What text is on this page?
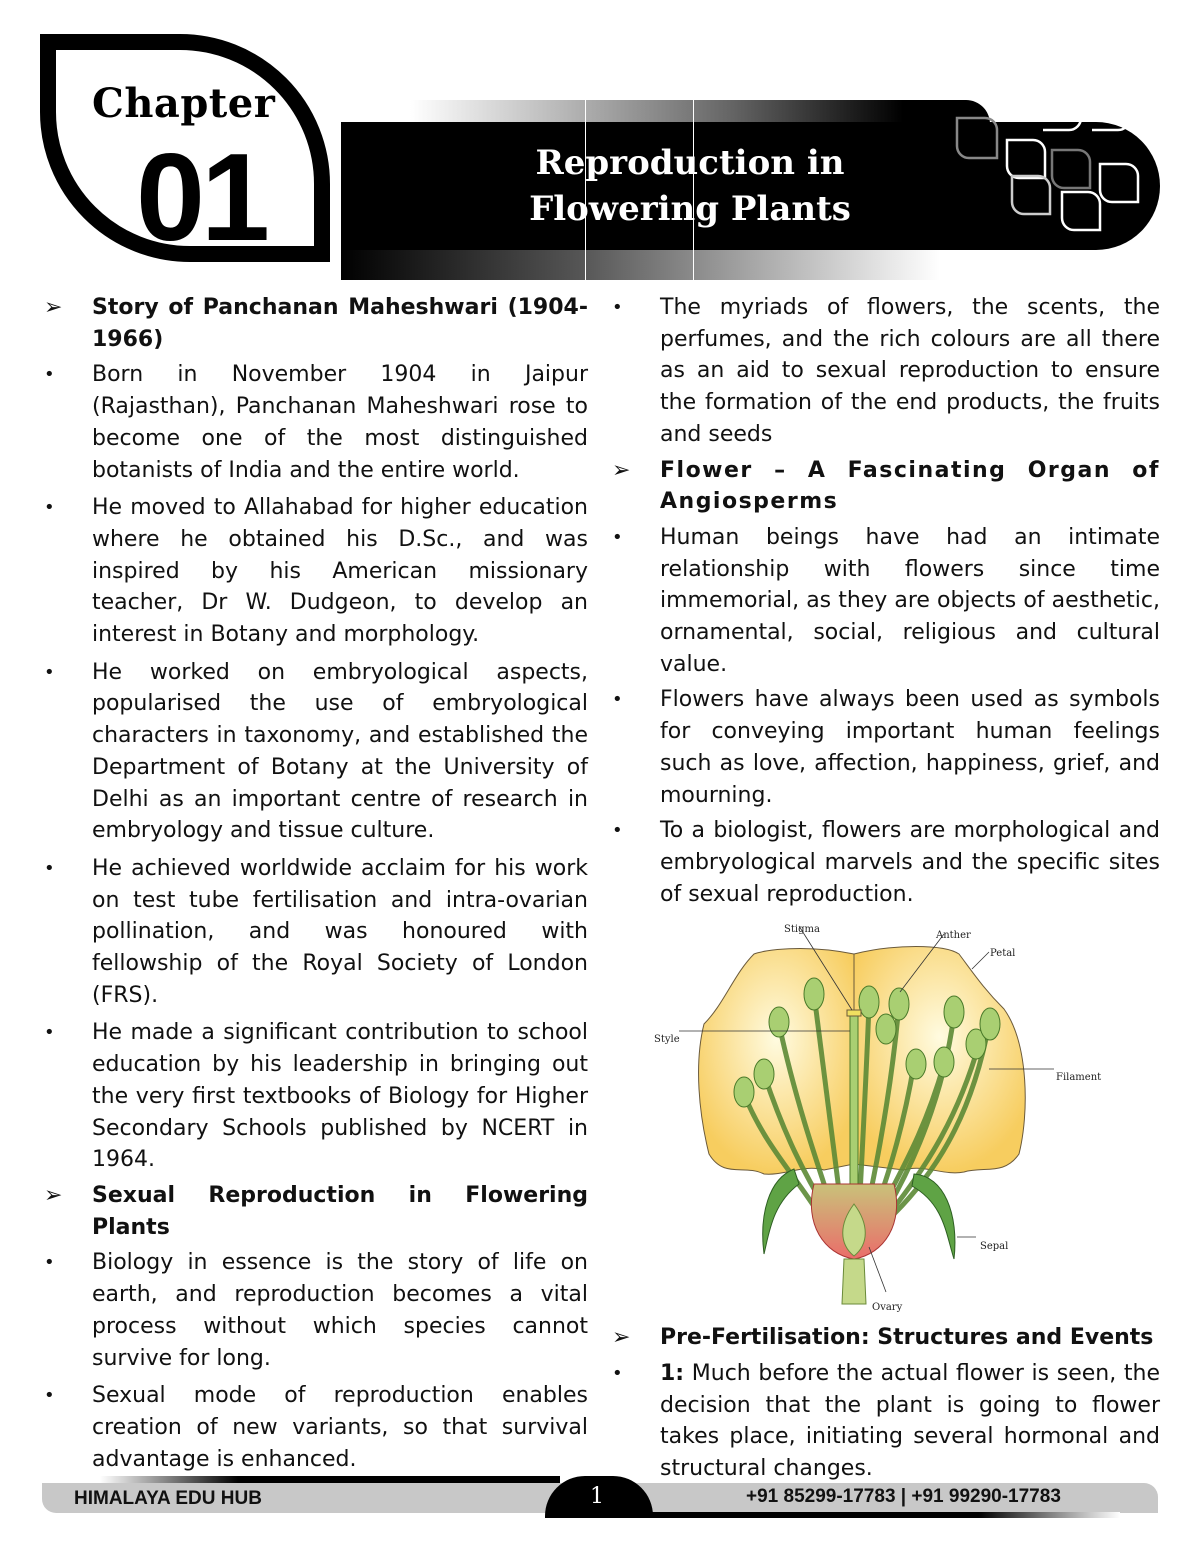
Chapter
01	Reproduction in
Flowering Plants
➢	Story of Panchanan Maheshwari (1904-1966)
•	Born in November 1904 in Jaipur (Rajasthan), Panchanan Maheshwari rose to become one of the most distinguished botanists of India and the entire world.
•	He moved to Allahabad for higher education where he obtained his D.Sc., and was inspired by his American missionary teacher, Dr W. Dudgeon, to develop an interest in Botany and morphology.
•	He worked on embryological aspects, popularised the use of embryological characters in taxonomy, and established the Department of Botany at the University of Delhi as an important centre of research in embryology and tissue culture.
•	He achieved worldwide acclaim for his work on test tube fertilisation and intra-ovarian pollination, and was honoured with fellowship of the Royal Society of London (FRS).
•	He made a significant contribution to school education by his leadership in bringing out the very first textbooks of Biology for Higher Secondary Schools published by NCERT in 1964.
➢	Sexual Reproduction in Flowering Plants
•	Biology in essence is the story of life on earth, and reproduction becomes a vital process without which species cannot survive for long.
•	Sexual mode of reproduction enables creation of new variants, so that survival advantage is enhanced.
•	The myriads of flowers, the scents, the perfumes, and the rich colours are all there as an aid to sexual reproduction to ensure the formation of the end products, the fruits and seeds
➢	Flower – A Fascinating Organ of Angiosperms
•	Human beings have had an intimate relationship with flowers since time immemorial, as they are objects of aesthetic, ornamental, social, religious and cultural value.
•	Flowers have always been used as symbols for conveying important human feelings such as love, affection, happiness, grief, and mourning.
•	To a biologist, flowers are morphological and embryological marvels and the specific sites of sexual reproduction.
Stigma
Anther
Petal
Style
Filament
Sepal
Ovary
➢	Pre-Fertilisation: Structures and Events
•	1: Much before the actual flower is seen, the decision that the plant is going to flower takes place, initiating several hormonal and structural changes.
HIMALAYA EDU HUB	1	+91 85299-17783 | +91 99290-17783
